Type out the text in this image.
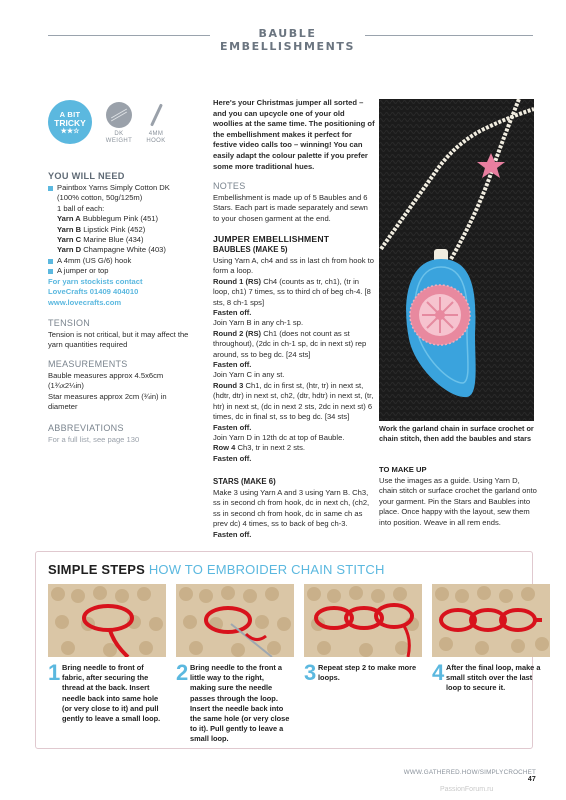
BAUBLE EMBELLISHMENTS
A BIT
TRICKY
★★☆	DK
WEIGHT
4MM
HOOK
YOU WILL NEED
Paintbox Yarns Simply Cotton DK
(100% cotton, 50g/125m)
1 ball of each:
Yarn A Bubblegum Pink (451)
Yarn B Lipstick Pink (452)
Yarn C Marine Blue (434)
Yarn D Champagne White (403)
A 4mm (US G/6) hook
A jumper or top
For yarn stockists contact
LoveCrafts 01409 404010
www.lovecrafts.com
TENSION
Tension is not critical, but it may affect the yarn quantities required
MEASUREMENTS
Bauble measures approx 4.5x6cm
(1¾x2¼in)
Star measures approx 2cm (¾in) in
diameter
ABBREVIATIONS
For a full list, see page 130
Here's your Christmas jumper all sorted – and you can upcycle one of your old woollies at the same time. The positioning of the embellishment makes it perfect for festive video calls too – winning! You can easily adapt the colour palette if you prefer some more traditional hues.
NOTES
Embellishment is made up of 5 Baubles and 6 Stars. Each part is made separately and sewn to your chosen garment at the end.
JUMPER EMBELLISHMENT
BAUBLES (MAKE 5)

Using Yarn A, ch4 and ss in last ch from hook to form a loop.

Round 1 (RS) Ch4 (counts as tr, ch1), (tr in loop, ch1) 7 times, ss to third ch of beg ch-4. [8 sts, 8 ch-1 sps]

Fasten off.

Join Yarn B in any ch-1 sp.

Round 2 (RS) Ch1 (does not count as st throughout), (2dc in ch-1 sp, dc in next st) rep around, ss to beg dc. [24 sts]

Fasten off.

Join Yarn C in any st.

Round 3 Ch1, dc in first st, (htr, tr) in next st, (hdtr, dtr) in next st, ch2, (dtr, hdtr) in next st, (tr, htr) in next st, (dc in next 2 sts, 2dc in next st) 6 times, dc in final st, ss to beg dc. [34 sts]

Fasten off.

Join Yarn D in 12th dc at top of Bauble.

Row 4 Ch3, tr in next 2 sts.

Fasten off.

STARS (MAKE 6)

Make 3 using Yarn A and 3 using Yarn B. Ch3, ss in second ch from hook, dc in next ch, (ch2, ss in second ch from hook, dc in same ch as prev dc) 4 times, ss to back of beg ch-3.

Fasten off.

Work the garland chain in surface crochet or chain stitch, then add the baubles and stars
TO MAKE UP
Use the images as a guide. Using Yarn D, chain stitch or surface crochet the garland onto your garment. Pin the Stars and Baubles into place. Once happy with the layout, sew them into position. Weave in all rem ends.
SIMPLE STEPS HOW TO EMBROIDER CHAIN STITCH
1 Bring needle to front of fabric, after securing the thread at the back. Insert needle back into same hole (or very close to it) and pull gently to leave a small loop.
2 Bring needle to the front a little way to the right, making sure the needle passes through the loop. Insert the needle back into the same hole (or very close to it). Pull gently to leave a small loop.
3 Repeat step 2 to make more loops.	4 After the final loop, make a small stitch over the last loop to secure it.
WWW.GATHERED.HOW/SIMPLYCROCHET 47
PassionForum.ru
